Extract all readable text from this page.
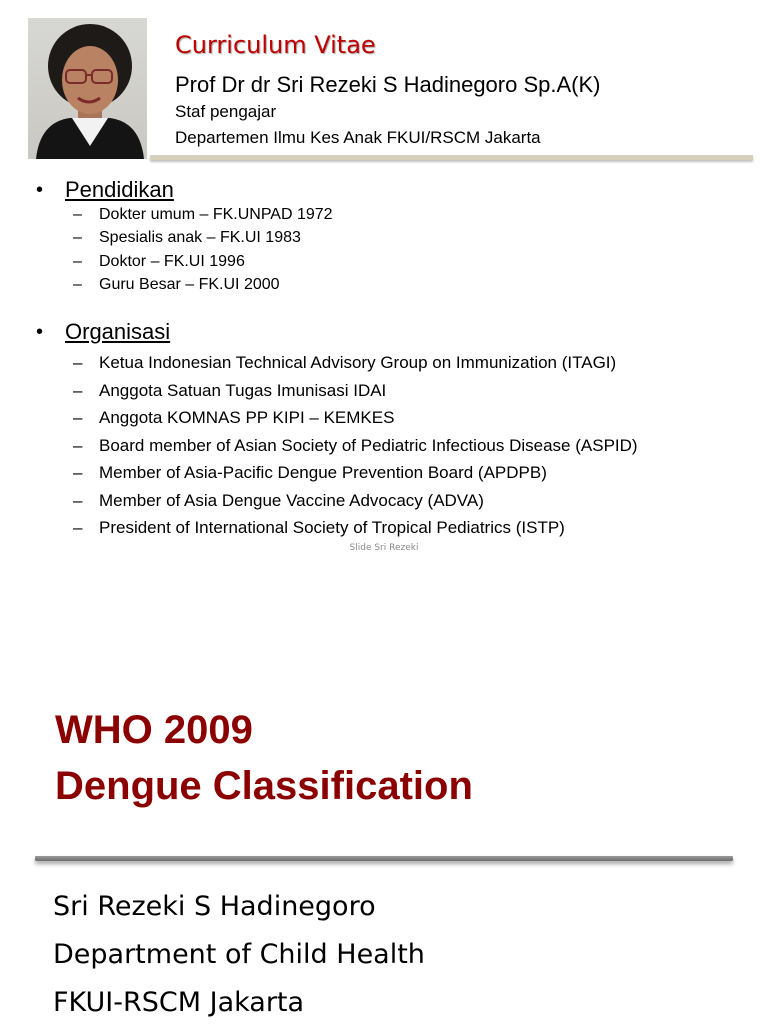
Curriculum Vitae
Prof Dr dr Sri Rezeki S Hadinegoro Sp.A(K)
Staf pengajar
Departemen Ilmu Kes Anak FKUI/RSCM Jakarta
• Pendidikan
–	Dokter umum – FK.UNPAD 1972
–	Spesialis anak – FK.UI 1983
–	Doktor – FK.UI 1996
–	Guru Besar – FK.UI 2000
• Organisasi
– Ketua Indonesian Technical Advisory Group on Immunization (ITAGI)
– Anggota Satuan Tugas Imunisasi IDAI
– Anggota KOMNAS PP KIPI – KEMKES
– Board member of Asian Society of Pediatric Infectious Disease (ASPID)
– Member of Asia-Pacific Dengue Prevention Board (APDPB)
– Member of Asia Dengue Vaccine Advocacy (ADVA)
– President of International Society of Tropical Pediatrics (ISTP)
Slide Sri Rezeki
WHO 2009
Dengue Classification
Sri Rezeki S Hadinegoro
Department of Child Health
FKUI-RSCM Jakarta
